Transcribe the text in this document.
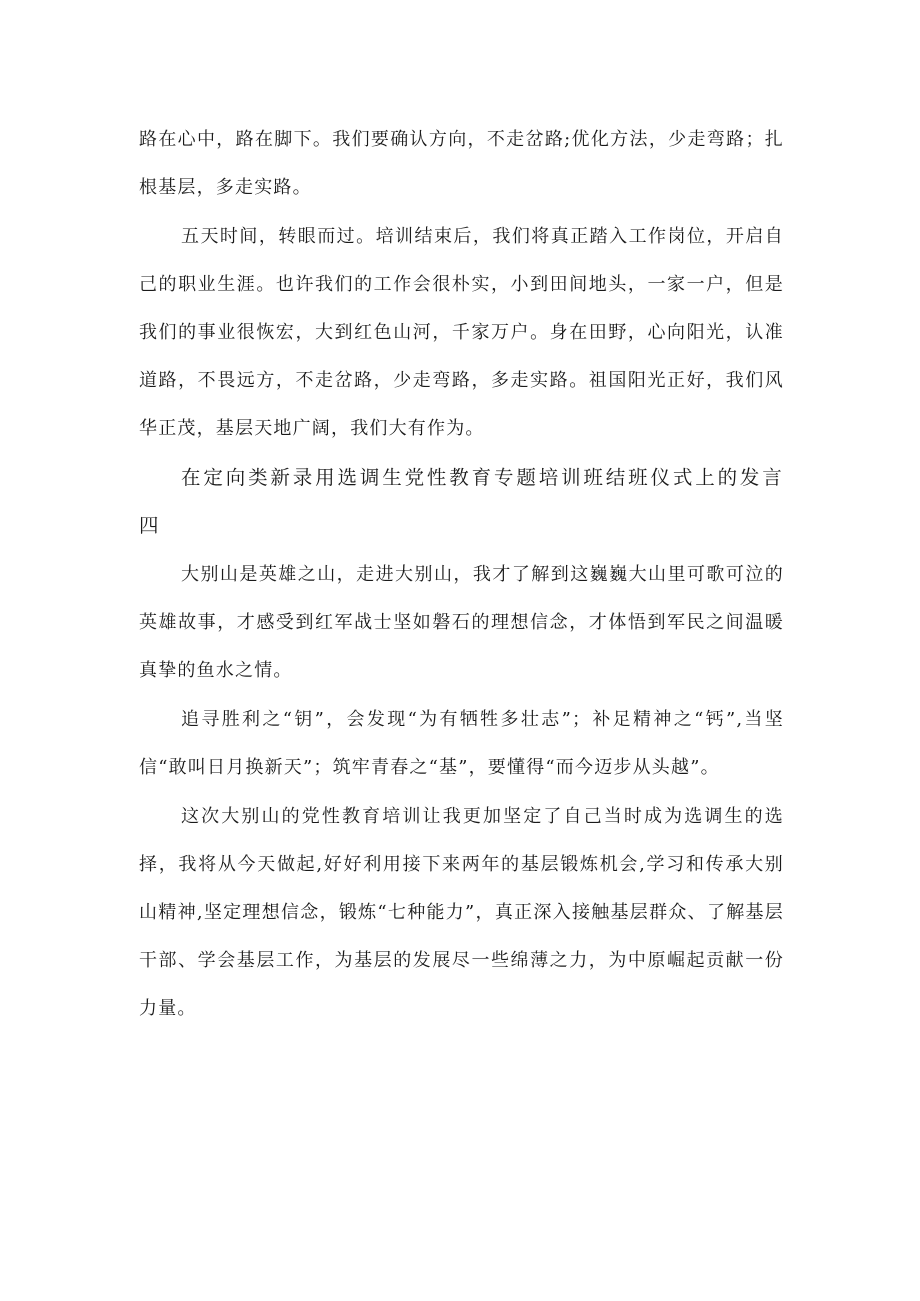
路在心中，路在脚下。我们要确认方向，不走岔路;优化方法，少走弯路；扎根基层，多走实路。

五天时间，转眼而过。培训结束后，我们将真正踏入工作岗位，开启自己的职业生涯。也许我们的工作会很朴实，小到田间地头，一家一户，但是我们的事业很恢宏，大到红色山河，千家万户。身在田野，心向阳光，认准道路，不畏远方，不走岔路，少走弯路，多走实路。祖国阳光正好，我们风华正茂，基层天地广阔，我们大有作为。

在定向类新录用选调生党性教育专题培训班结班仪式上的发言四

大别山是英雄之山，走进大别山，我才了解到这巍巍大山里可歌可泣的英雄故事，才感受到红军战士坚如磐石的理想信念，才体悟到军民之间温暖真挚的鱼水之情。

追寻胜利之“钥”，会发现“为有牺牲多壮志”；补足精神之“钙”,当坚信“敢叫日月换新天”；筑牢青春之“基”，要懂得“而今迈步从头越”。

这次大别山的党性教育培训让我更加坚定了自己当时成为选调生的选择，我将从今天做起,好好利用接下来两年的基层锻炼机会,学习和传承大别山精神,坚定理想信念，锻炼“七种能力”，真正深入接触基层群众、了解基层干部、学会基层工作，为基层的发展尽一些绵薄之力，为中原崛起贡献一份力量。
